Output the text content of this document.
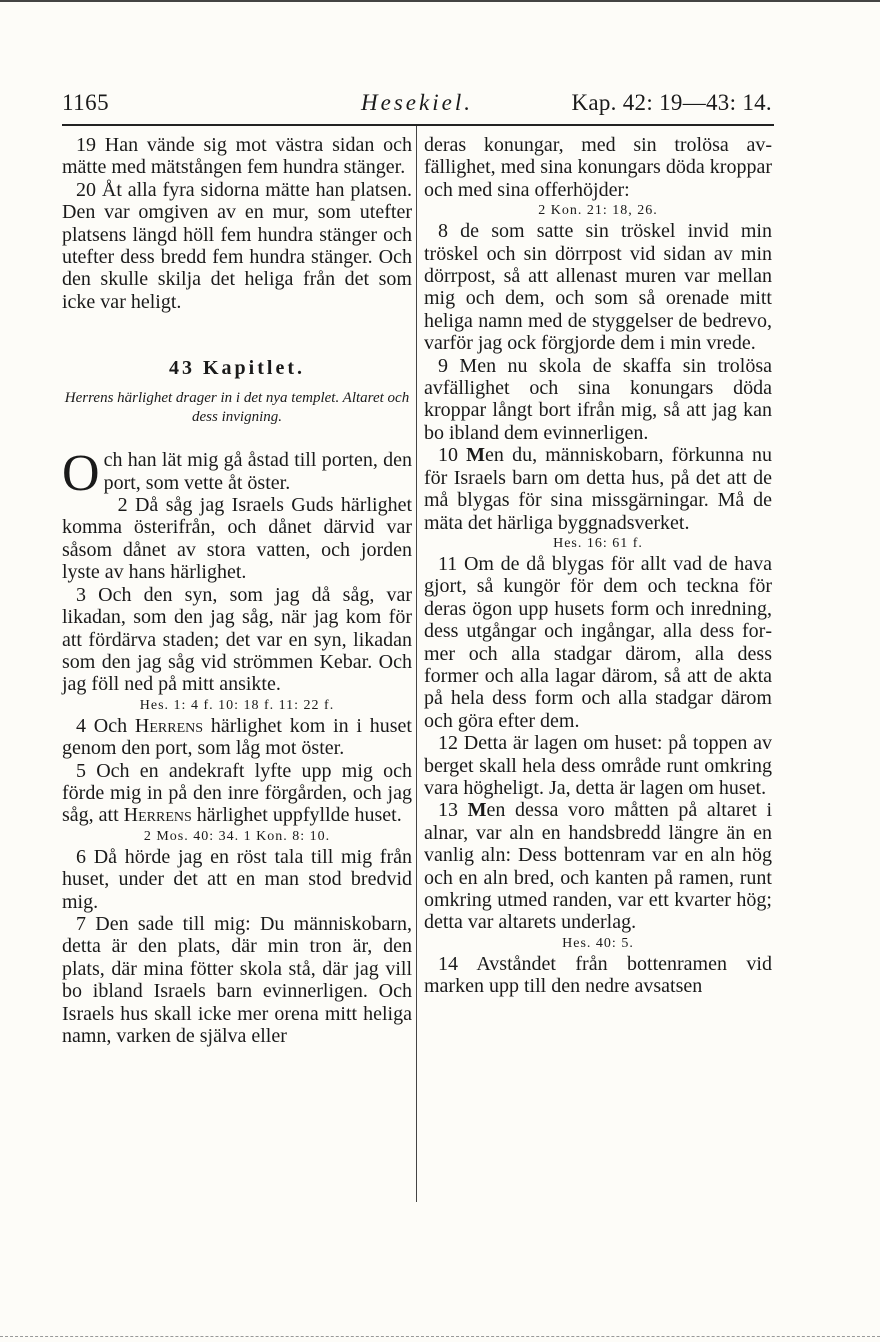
1165	Hesekiel.	Kap. 42: 19—43: 14.

19 Han vände sig mot västra sidan och mätte med mätstången fem hundra stänger.

20 Åt alla fyra sidorna mätte han platsen. Den var omgiven av en mur, som utefter platsens längd höll fem hundra stänger och utefter dess bredd fem hundra stänger. Och den skulle skilja det heliga från det som icke var heligt.

43 Kapitlet.

Herrens härlighet drager in i det nya templet. Altaret och dess invigning.

Och han lät mig gå åstad till porten, den port, som vette åt öster.

2 Då såg jag Israels Guds härlighet komma österifrån, och dånet därvid var såsom dånet av stora vatten, och jorden lyste av hans härlighet.

3 Och den syn, som jag då såg, var likadan, som den jag såg, när jag kom för att fördärva staden; det var en syn, likadan som den jag såg vid strömmen Kebar. Och jag föll ned på mitt ansikte.

Hes. 1: 4 f. 10: 18 f. 11: 22 f.

4 Och Herrens härlighet kom in i huset genom den port, som låg mot öster.

5 Och en andekraft lyfte upp mig och förde mig in på den inre förgården, och jag såg, att Herrens härlighet uppfyllde huset.

2 Mos. 40: 34. 1 Kon. 8: 10.

6 Då hörde jag en röst tala till mig från huset, under det att en man stod bredvid mig.

7 Den sade till mig: Du människobarn, detta är den plats, där min tron är, den plats, där mina fötter skola stå, där jag vill bo ibland Israels barn evinnerligen. Och Israels hus skall icke mer orena mitt heliga namn, varken de själva eller

deras konungar, med sin trolösa avfällighet, med sina konungars döda kroppar och med sina offerhöjder:

2 Kon. 21: 18, 26.

8 de som satte sin tröskel invid min tröskel och sin dörrpost vid sidan av min dörrpost, så att allenast muren var mellan mig och dem, och som så orenade mitt heliga namn med de styggelser de bedrevo, varför jag ock förgjorde dem i min vrede.

9 Men nu skola de skaffa sin trolösa avfällighet och sina konungars döda kroppar långt bort ifrån mig, så att jag kan bo ibland dem evinnerligen.

10 Men du, människobarn, förkunna nu för Israels barn om detta hus, på det att de må blygas för sina missgärningar. Må de mäta det härliga byggnadsverket.

Hes. 16: 61 f.

11 Om de då blygas för allt vad de hava gjort, så kungör för dem och teckna för deras ögon upp husets form och inredning, dess utgångar och ingångar, alla dess former och alla stadgar därom, alla dess former och alla lagar därom, så att de akta på hela dess form och alla stadgar därom och göra efter dem.

12 Detta är lagen om huset: på toppen av berget skall hela dess område runt omkring vara högheligt. Ja, detta är lagen om huset.

13 Men dessa voro måtten på altaret i alnar, var aln en handsbredd längre än en vanlig aln: Dess bottenram var en aln hög och en aln bred, och kanten på ramen, runt omkring utmed randen, var ett kvarter hög; detta var altarets underlag.

Hes. 40: 5.

14 Avståndet från bottenramen vid marken upp till den nedre avsatsen
